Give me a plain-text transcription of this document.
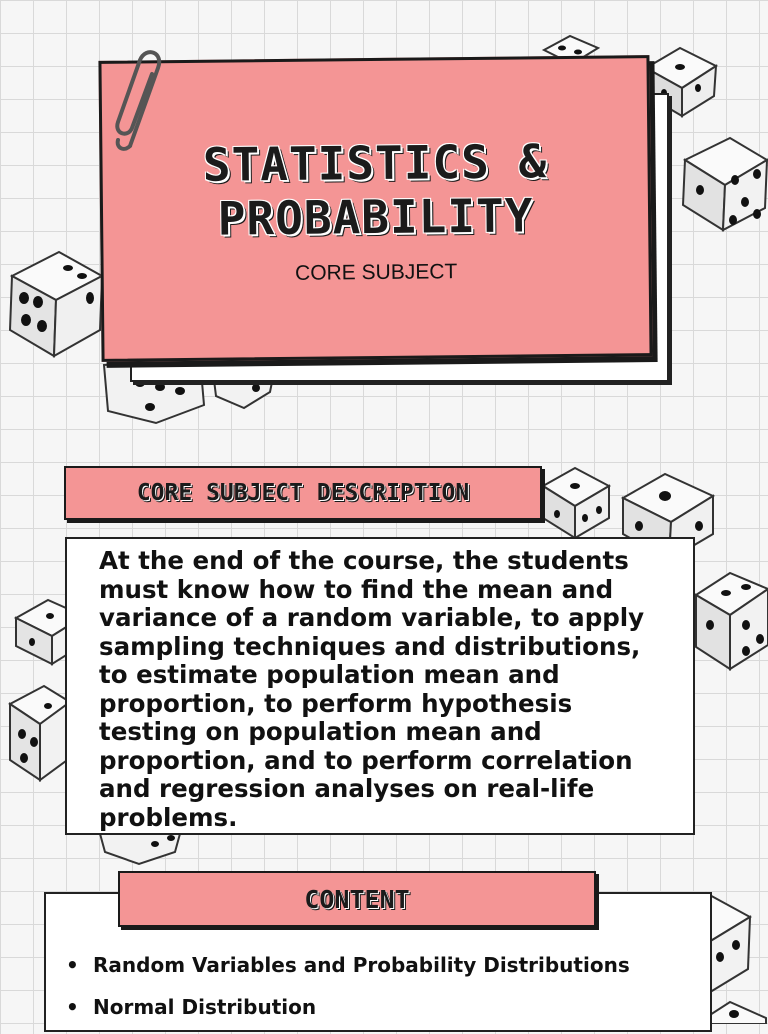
STATISTICS &
PROBABILITY
CORE SUBJECT
CORE SUBJECT DESCRIPTION
At the end of the course, the students must know how to find the mean and variance of a random variable, to apply sampling techniques and distributions, to estimate population mean and proportion, to perform hypothesis testing on population mean and proportion, and to perform correlation and regression analyses on real-life problems.
CONTENT
• Random Variables and Probability Distributions
• Normal Distribution
